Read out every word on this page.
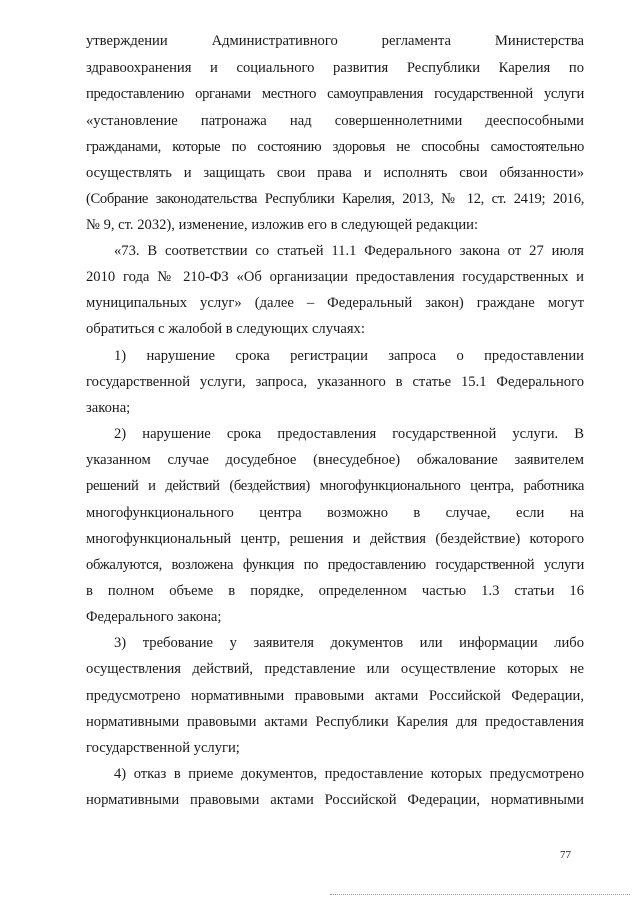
утверждении Административного регламента Министерства
здравоохранения и социального развития Республики Карелия по
предоставлению органами местного самоуправления государственной услуги
«установление патронажа над совершеннолетними дееспособными
гражданами, которые по состоянию здоровья не способны самостоятельно
осуществлять и защищать свои права и исполнять свои обязанности»
(Собрание законодательства Республики Карелия, 2013, № 12, ст. 2419; 2016,
№ 9, ст. 2032), изменение, изложив его в следующей редакции:
«73. В соответствии со статьей 11.1 Федерального закона от 27 июля
2010 года № 210-ФЗ «Об организации предоставления государственных и
муниципальных услуг» (далее – Федеральный закон) граждане могут
обратиться с жалобой в следующих случаях:
1) нарушение срока регистрации запроса о предоставлении
государственной услуги, запроса, указанного в статье 15.1 Федерального
закона;
2) нарушение срока предоставления государственной услуги. В
указанном случае досудебное (внесудебное) обжалование заявителем
решений и действий (бездействия) многофункционального центра, работника
многофункционального центра возможно в случае, если на
многофункциональный центр, решения и действия (бездействие) которого
обжалуются, возложена функция по предоставлению государственной услуги
в полном объеме в порядке, определенном частью 1.3 статьи 16
Федерального закона;
3) требование у заявителя документов или информации либо
осуществления действий, представление или осуществление которых не
предусмотрено нормативными правовыми актами Российской Федерации,
нормативными правовыми актами Республики Карелия для предоставления
государственной услуги;
4) отказ в приеме документов, предоставление которых предусмотрено
нормативными правовыми актами Российской Федерации, нормативными
77
